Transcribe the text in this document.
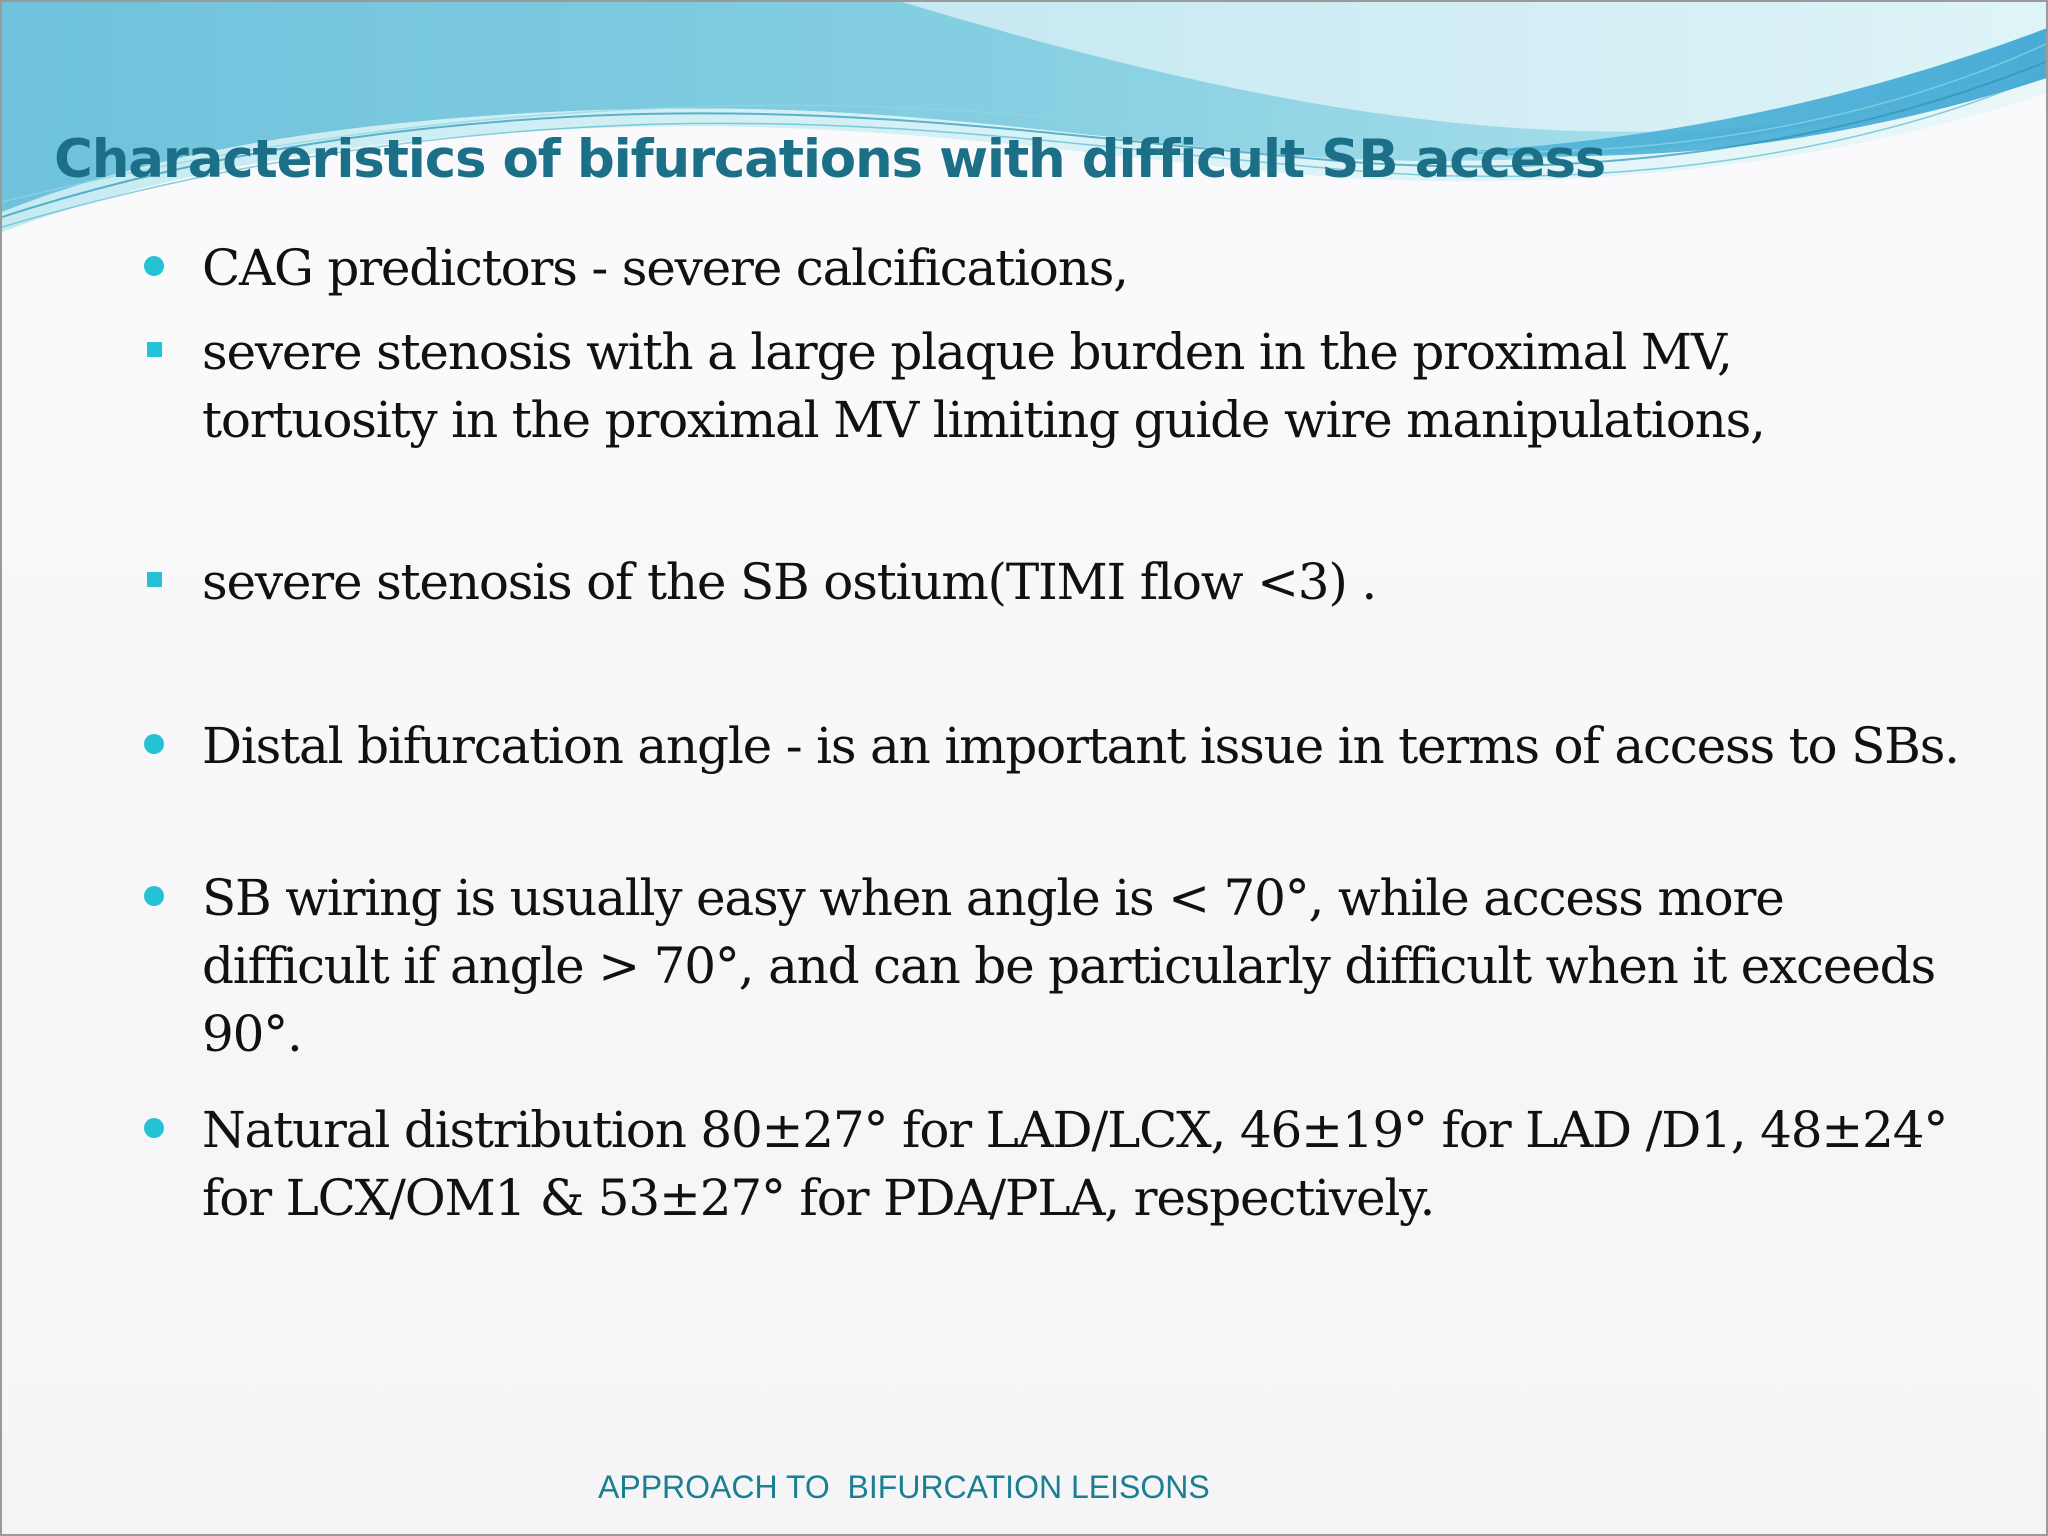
Characteristics of bifurcations with difficult SB access
CAG predictors - severe calcifications,
severe stenosis with a large plaque burden in the proximal MV, tortuosity in the proximal MV limiting guide wire manipulations,
severe stenosis of the SB ostium(TIMI flow <3) .
Distal bifurcation angle - is an important issue in terms of access to SBs.
SB wiring is usually easy when angle is < 70°, while access more difficult if angle > 70°, and can be particularly difficult when it exceeds 90°.
Natural distribution 80±27° for LAD/LCX, 46±19° for LAD /D1, 48±24° for LCX/OM1 & 53±27° for PDA/PLA, respectively.
APPROACH TO  BIFURCATION LEISONS
